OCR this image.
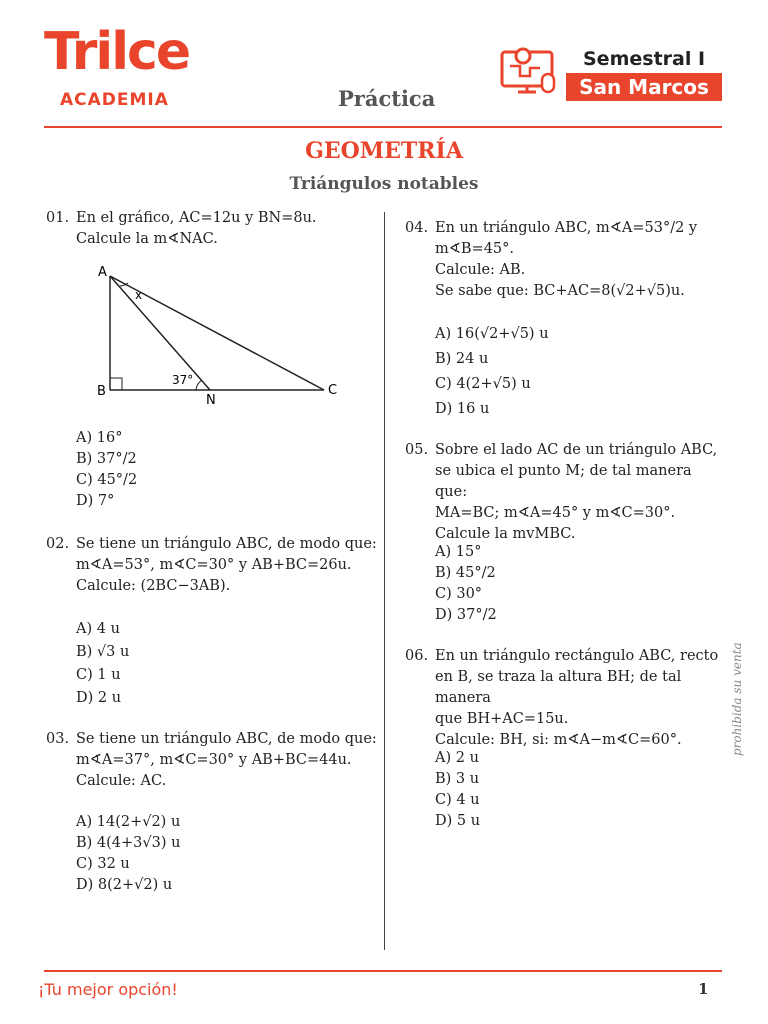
Trilce
ACADEMIA	Práctica
Semestral I
San Marcos
GEOMETRÍA
Triángulos notables
01. En el gráfico, AC=12u y BN=8u.
Calcule la m∢NAC.
A
B	C
N
x
37°
A) 16°
B) 37°/2
C) 45°/2
D) 7°
02. Se tiene un triángulo ABC, de modo que:
m∢A=53°, m∢C=30° y AB+BC=26u.
Calcule: (2BC−3AB).
A) 4 u
B) √3 u
C) 1 u
D) 2 u
03. Se tiene un triángulo ABC, de modo que:
m∢A=37°, m∢C=30° y AB+BC=44u.
Calcule: AC.
A) 14(2+√2) u
B) 4(4+3√3) u
C) 32 u
D) 8(2+√2) u
04. En un triángulo ABC, m∢A=53°/2 y
m∢B=45°.
Calcule: AB.
Se sabe que: BC+AC=8(√2+√5)u.
A) 16(√2+√5) u
B) 24 u
C) 4(2+√5) u
D) 16 u
05. Sobre el lado AC de un triángulo ABC,
se ubica el punto M; de tal manera que:
MA=BC; m∢A=45° y m∢C=30°.
Calcule la mvMBC.
A) 15°
B) 45°/2
C) 30°
D) 37°/2
06. En un triángulo rectángulo ABC, recto
en B, se traza la altura BH; de tal manera
que BH+AC=15u.
Calcule: BH, si: m∢A−m∢C=60°.
A) 2 u
B) 3 u
C) 4 u
D) 5 u
prohibida su venta
¡Tu mejor opción!	1
